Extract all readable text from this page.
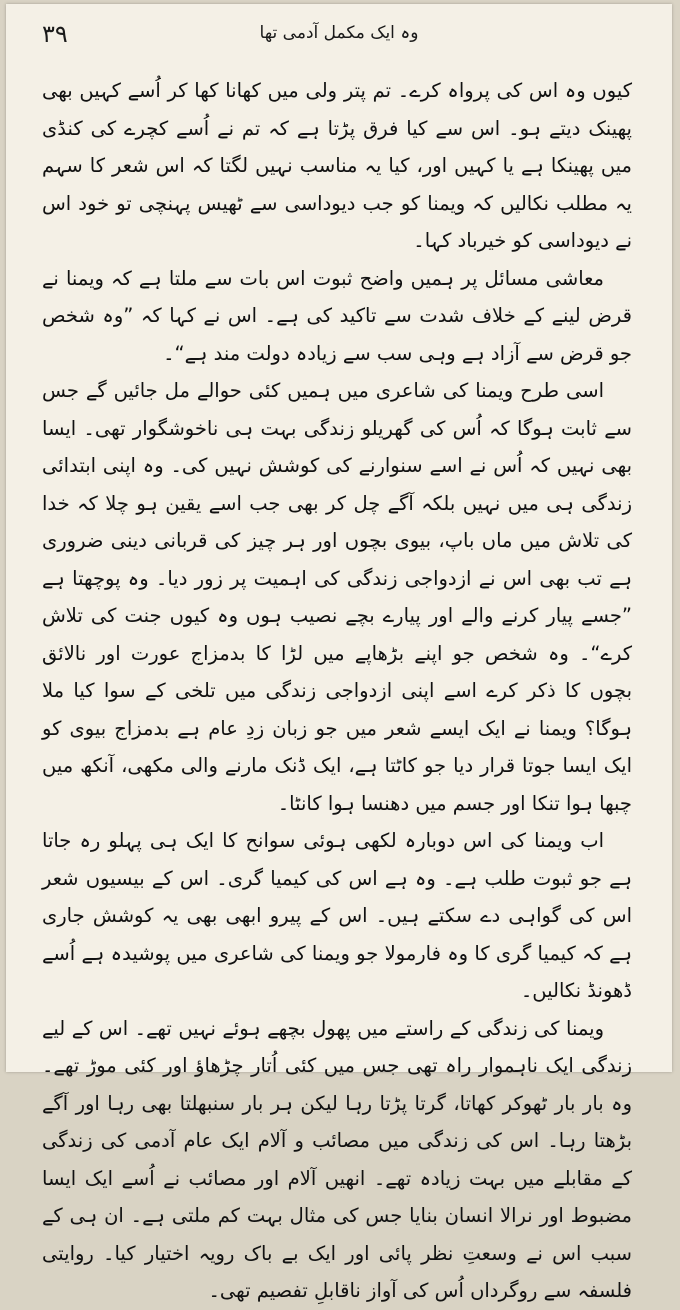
٣٩	وہ ایک مکمل آدمی تھا

کیوں وہ اس کی پرواہ کرے۔ تم پتر ولی میں کھانا کھا کر اُسے کہیں بھی پھینک دیتے ہو۔ اس سے کیا فرق پڑتا ہے کہ تم نے اُسے کچرے کی کنڈی میں پھینکا ہے یا کہیں اور، کیا یہ مناسب نہیں لگتا کہ اس شعر کا سہم یہ مطلب نکالیں کہ ویمنا کو جب دیوداسی سے ٹھیس پہنچی تو خود اس نے دیوداسی کو خیرباد کہا۔

معاشی مسائل پر ہمیں واضح ثبوت اس بات سے ملتا ہے کہ ویمنا نے قرض لینے کے خلاف شدت سے تاکید کی ہے۔ اس نے کہا کہ ”وہ شخص جو قرض سے آزاد ہے وہی سب سے زیادہ دولت مند ہے“۔

اسی طرح ویمنا کی شاعری میں ہمیں کئی حوالے مل جائیں گے جس سے ثابت ہوگا کہ اُس کی گھریلو زندگی بہت ہی ناخوشگوار تھی۔ ایسا بھی نہیں کہ اُس نے اسے سنوارنے کی کوشش نہیں کی۔ وہ اپنی ابتدائی زندگی ہی میں نہیں بلکہ آگے چل کر بھی جب اسے یقین ہو چلا کہ خدا کی تلاش میں ماں باپ، بیوی بچوں اور ہر چیز کی قربانی دینی ضروری ہے تب بھی اس نے ازدواجی زندگی کی اہمیت پر زور دیا۔ وہ پوچھتا ہے ”جسے پیار کرنے والے اور پیارے بچے نصیب ہوں وہ کیوں جنت کی تلاش کرے“۔ وہ شخص جو اپنے بڑھاپے میں لڑا کا بدمزاج عورت اور نالائق بچوں کا ذکر کرے اسے اپنی ازدواجی زندگی میں تلخی کے سوا کیا ملا ہوگا؟ ویمنا نے ایک ایسے شعر میں جو زبان زدِ عام ہے بدمزاج بیوی کو ایک ایسا جوتا قرار دیا جو کاٹتا ہے، ایک ڈنک مارنے والی مکھی، آنکھ میں چبھا ہوا تنکا اور جسم میں دھنسا ہوا کانٹا۔

اب ویمنا کی اس دوبارہ لکھی ہوئی سوانح کا ایک ہی پہلو رہ جاتا ہے جو ثبوت طلب ہے۔ وہ ہے اس کی کیمیا گری۔ اس کے بیسیوں شعر اس کی گواہی دے سکتے ہیں۔ اس کے پیرو ابھی بھی یہ کوشش جاری ہے کہ کیمیا گری کا وہ فارمولا جو ویمنا کی شاعری میں پوشیدہ ہے اُسے ڈھونڈ نکالیں۔

ویمنا کی زندگی کے راستے میں پھول بچھے ہوئے نہیں تھے۔ اس کے لیے زندگی ایک ناہموار راہ تھی جس میں کئی اُتار چڑھاؤ اور کئی موڑ تھے۔ وہ بار بار ٹھوکر کھاتا، گرتا پڑتا رہا لیکن ہر بار سنبھلتا بھی رہا اور آگے بڑھتا رہا۔ اس کی زندگی میں مصائب و آلام ایک عام آدمی کی زندگی کے مقابلے میں بہت زیادہ تھے۔ انھیں آلام اور مصائب نے اُسے ایک ایسا مضبوط اور نرالا انسان بنایا جس کی مثال بہت کم ملتی ہے۔ ان ہی کے سبب اس نے وسعتِ نظر پائی اور ایک بے باک رویہ اختیار کیا۔ روایتی فلسفہ سے روگرداں اُس کی آواز ناقابلِ تفصیم تھی۔
